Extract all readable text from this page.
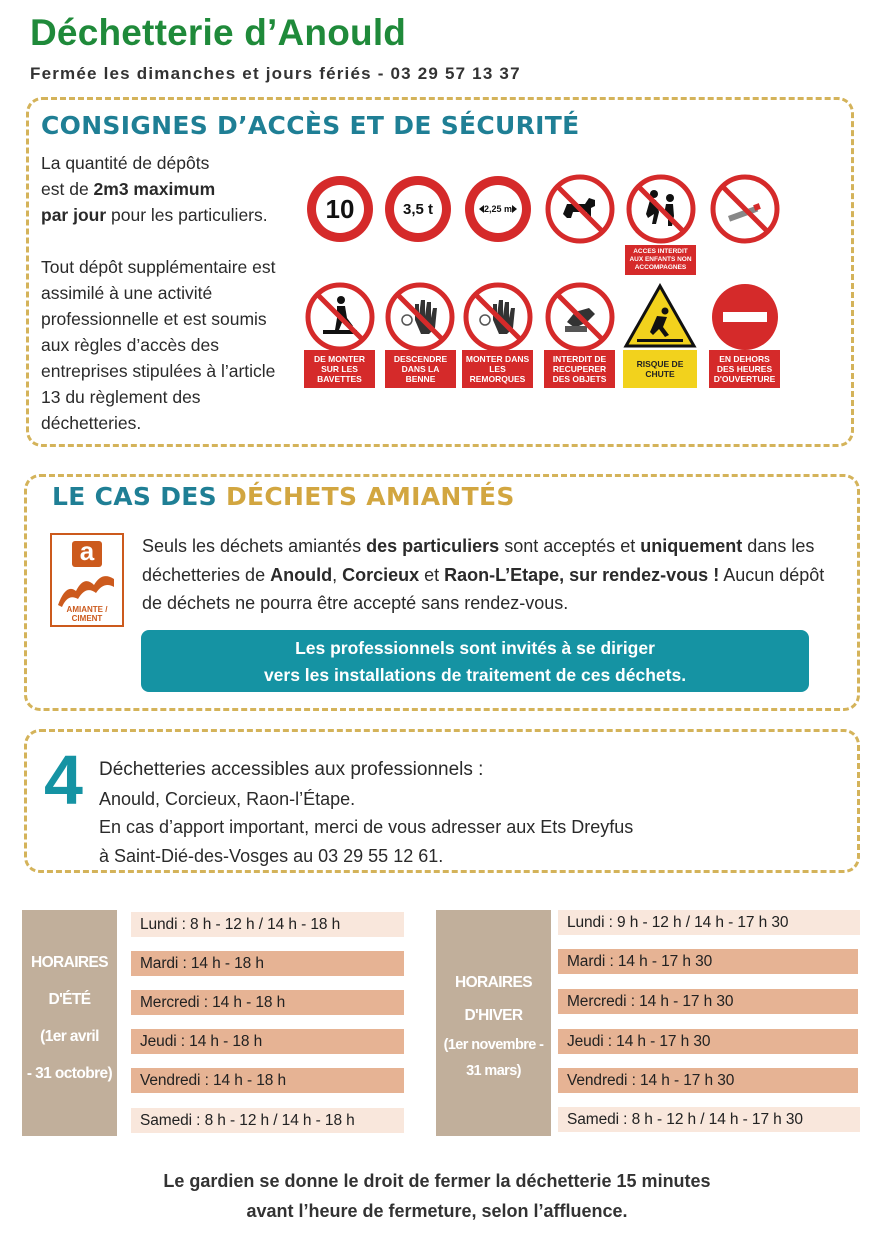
Déchetterie d’Anould
Fermée les dimanches et jours fériés - 03 29 57 13 37
CONSIGNES D’ACCÈS ET DE SÉCURITÉ
La quantité de dépôts
est de 2m3 maximum
par jour pour les particuliers.
Tout dépôt supplémentaire est assimilé à une activité professionnelle et est soumis aux règles d’accès des entreprises stipulées à l’article 13 du règlement des déchetteries.
10	3,5 t	2,25 m
ACCES INTERDIT AUX ENFANTS NON ACCOMPAGNES
DE MONTER SUR LES BAVETTES
DESCENDRE DANS LA BENNE
MONTER DANS LES REMORQUES
INTERDIT DE RECUPERER DES OBJETS
RISQUE DE CHUTE
EN DEHORS DES HEURES D'OUVERTURE
LE CAS DES DÉCHETS AMIANTÉS
a
AMIANTE / CIMENT
Seuls les déchets amiantés des particuliers sont acceptés et uniquement dans les déchetteries de Anould, Corcieux et Raon-L’Etape, sur rendez-vous ! Aucun dépôt de déchets ne pourra être accepté sans rendez-vous.
Les professionnels sont invités à se diriger
vers les installations de traitement de ces déchets.
4 Déchetteries accessibles aux professionnels :
Anould, Corcieux, Raon-l’Étape.
En cas d’apport important, merci de vous adresser aux Ets Dreyfus
à Saint-Dié-des-Vosges au 03 29 55 12 61.
HORAIRES
D'ÉTÉ
(1er avril
- 31 octobre)
Lundi : 8 h - 12 h / 14 h - 18 h
Mardi : 14 h - 18 h
Mercredi : 14 h - 18 h
Jeudi : 14 h - 18 h
Vendredi : 14 h - 18 h
Samedi : 8 h - 12 h / 14 h - 18 h
HORAIRES
D'HIVER
(1er novembre -
31 mars)
Lundi : 9 h - 12 h / 14 h - 17 h 30
Mardi : 14 h - 17 h 30
Mercredi : 14 h - 17 h 30
Jeudi : 14 h - 17 h 30
Vendredi : 14 h - 17 h 30
Samedi : 8 h - 12 h / 14 h - 17 h 30
Le gardien se donne le droit de fermer la déchetterie 15 minutes
avant l’heure de fermeture, selon l’affluence.
